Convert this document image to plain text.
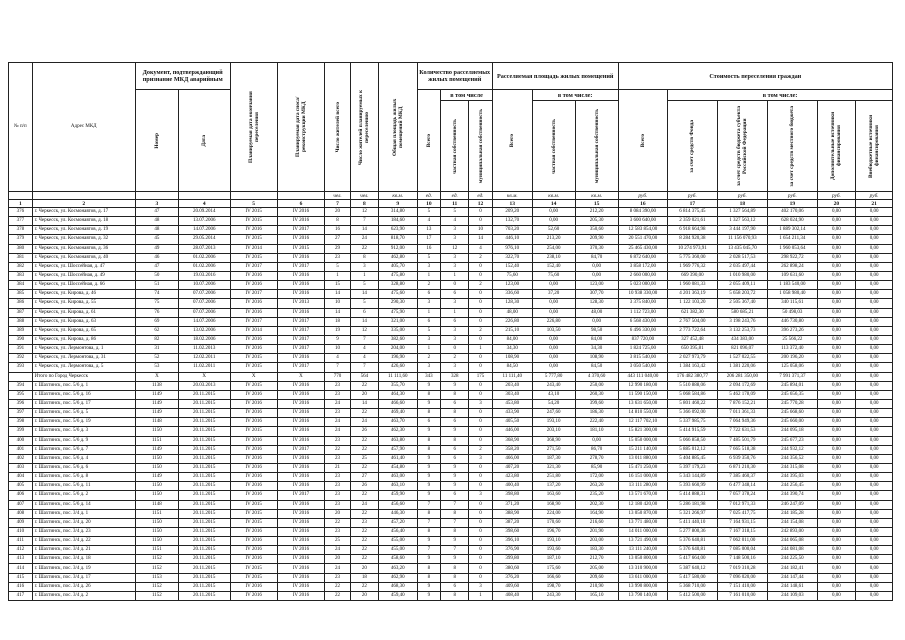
№ п/п	Адрес МКД	Документ, подтверждающий признание МКД аварийным		Планируемая дата окончания переселения	Планируемая дата сноса/реконструкции МКД	Число жителей всего	Число жителей планируемых к переселению	Общая площадь жилых помещений МКД	Количество расселяемых жилых помещений			Расселяемая площадь жилых помещений			Стоимость переселения граждан					

		Номер	Дата						Всего	в том числе		Всего	в том числе:		Всего	в том числе:				

										частная собственность	муниципальная собственность		частная собственность	муниципальная собственность		за счет средств Фонда	за счет средств бюджета субъекта Российской Федерации	за счет средств местного бюджета	Дополнительные источники финансирования	Внебюджетные источники финансирования

						чел.	чел.	кв.м.	ед.	ед.	ед.	кв.м.	кв.м.	кв.м.	руб.	руб.	руб.	руб.	руб.	руб.
1	2	3	4	5	6	7	8	9	10	11	12	13	14	15	16	17	18	19	20	21
376	г. Черкесск, ул. Космонавтов, д. 17	47	20.09.2014	IV 2015	IV 2016	20	12	314,80	5	5	0	209,20	0,00	212,20	8 084 390,00	6 814 375,45	1 327 564,89	402 170,06	0,00	0,00
377	г. Черкесск, ул. Космонавтов, д. 18	48	13.07.2006	IV 2015	IV 2016	8	7	184,60	4	4	0	132,70	0,00	205,30	3 600 640,00	2 359 021,61	1 327 563,12	628 024,90	0,00	0,00
378	г. Черкесск, ул. Космонавтов, д. 19	48	14.07.2006	IV 2016	IV 2017	16	14	623,90	13	3	10	703,20	52,60	350,60	12 583 854,00	6 918 664,98	3 444 197,90	1 889 302,14	0,00	0,00
379	г. Черкесск, ул. Космонавтов, д. 32	45	29.05.2014	IV 2015	IV 2016	27	24	818,70	17	3	14	446,10	213,20	209,90	20 551 470,00	8 284 920,38	11 156 070,93	1 654 211,34	0,00	0,00
380	г. Черкесск, ул. Космонавтов, д. 36	49	28.07.2013	IV 2014	IV 2015	29	22	912,00	16	12	4	976,10	254,00	370,30	25 465 430,00	10 274 973,91	13 435 045,70	1 960 053,64	0,00	0,00
381	г. Черкесск, ул. Космонавтов, д. 40	46	01.02.2006	IV 2015	IV 2016	23	8	462,80	5	3	2	322,70	238,10	84,70	6 872 640,00	5 775 360,00	2 028 517,53	298 922,72	0,00	0,00
382	г. Черкесск, ул. Шоссейная, д. 47	47	01.02.2006	IV 2017	IV 2017	5	3	405,70	3	3	0	152,40	152,40	0,00	3 858 172,00	1 969 776,32	2 035 497,44	262 898,24	0,00	0,00
383	г. Черкесск, ул. Шоссейная, д. 49	50	19.03.2016	IV 2016	IV 2016	1	1	475,80	1	1	0	75,60	75,60	0,00	2 660 000,00	669 390,00	1 010 980,00	109 631,60	0,00	0,00
384	г. Черкесск, ул. Шоссейная, д. 66	51	10.07.2006	IV 2016	IV 2016	15	5	328,80	2	0	2	123,00	0,00	123,00	5 023 000,00	1 960 081,33	2 055 409,11	1 183 540,00	0,00	0,00
385	г. Черкесск, ул. Кирова, д. 46	74	07.07.2006	IV 2017	IV 2016	14	14	475,60	6	6	0	336,60	37,20	307,70	10 938 330,00	4 201 363,19	5 658 203,72	1 058 980,40	0,00	0,00
386	г. Черкесск, ул. Кирова, д. 55	75	07.07.2006	IV 2016	IV 2013	10	5	290,30	3	3	0	128,30	0,00	128,30	3 375 840,00	1 122 103,20	2 505 367,40	340 115,61	0,00	0,00
387	г. Черкесск, ул. Кирова, д. 61	76	07.07.2006	IV 2016	IV 2016	14	6	475,90	1	1	0	48,00	0,00	48,00	1 112 723,00	621 382,30	580 685,21	50 498,03	0,00	0,00
388	г. Черкесск, ул. Кирова, д. 63	69	14.07.2006	IV 2017	IV 2017	18	14	321,00	6	6	0	226,80	226,80	0,00	6 568 430,00	2 767 504,00	3 198 243,76	446 730,80	0,00	0,00
389	г. Черкесск, ул. Кирова, д. 65	62	13.02.2006	IV 2014	IV 2017	19	12	335,00	5	3	2	215,10	103,50	98,50	6 496 330,00	2 773 722,64	3 132 253,73	396 273,26	0,00	0,00
390	г. Черкесск, ул. Кирова, д. 86	82	18.02.2006	IV 2016	IV 2017	9	7	382,60	3	3	0	84,00	0,00	84,00	837 720,00	327 452,48	434 383,00	25 566,22	0,00	0,00
391	г. Черкесск, ул. Лермонтова, д. 1	31	11.02.2013	IV 2016	IV 2017	10	4	204,00	1	0	1	34,30	0,00	34,30	1 824 725,00	650 395,81	821 096,07	113 372,40	0,00	0,00
392	г. Черкесск, ул. Лермонтова, д. 31	52	12.02.2011	IV 2015	IV 2016	4	4	196,90	2	2	0	108,90	0,00	108,90	3 815 540,00	2 027 973,79	1 527 022,55	200 196,20	0,00	0,00
393	г. Черкесск, ул. Лермонтова, д. 5	53	11.02.2011	IV 2015	IV 2017	7	7	426,60	3	3	0	84,50	0,00	84,50	3 050 540,00	1 384 163,42	1 381 220,06	125 058,06	0,00	0,00
	Итого по Город Черкесск	X	X	X	X	770	564	11 111,60	343	328	175	11 111,40	5 777,80	4 370,60	443 111 040,00	176 482 380,77	206 281 350,00	7 991 371,37	0,00	0,00
394	г. Шахтинск, пос. 5/6 д. 1	1138	20.03.2013	IV 2015	IV 2016	23	22	355,70	9	9	0	203,40	243,40	250,00	12 990 180,00	5 510 888,06	2 094 172,69	245 894,01	0,00	0,00
395	г. Шахтинск, пос. 5/6 д. 16	1149	20.11.2015	IV 2016	IV 2016	23	20	464,30	8	8	0	303,40	43,10	260,30	11 590 150,00	5 068 584,86	5 462 178,09	245 656,35	0,00	0,00
396	г. Шахтинск, пос. 5/6 д. 17	1149	20.11.2015	IV 2016	IV 2016	24	14	466,60	9	6	3	453,80	54,20	399,60	13 631 650,00	5 801 460,22	7 876 152,21	245 770,28	0,00	0,00
397	г. Шахтинск, пос. 5/6 д. 5	1149	20.11.2015	IV 2016	IV 2016	23	22	469,40	8	8	0	433,90	247,60	186,30	14 810 550,00	5 366 092,00	7 011 361,33	245 668,60	0,00	0,00
398	г. Шахтинск, пос. 5/6 д. 19	1148	20.11.2015	IV 2016	IV 2016	24	24	463,70	6	6	0	405,50	193,10	222,40	12 117 702,10	5 337 985,75	7 064 949,36	245 660,00	0,00	0,00
399	г. Шахтинск, пос. 5/6 д. 3	1150	20.11.2015	IV 2015	IV 2016	24	26	462,30	9	9	0	446,00	203,10	181,10	15 821 300,00	5 414 915,59	7 722 631,53	244 095,18	0,00	0,00
400	г. Шахтинск, пос. 5/6 д. 9	1151	20.11.2015	IV 2016	IV 2016	23	22	463,80	8	8	0	368,90	368,90	0,00	15 050 000,00	5 066 858,50	7 485 501,79	245 677,23	0,00	0,00
401	г. Шахтинск, пос. 5/6 д. 7	1149	20.11.2015	IV 2016	IV 2017	22	22	457,90	8	6	2	358,20	271,50	86,70	15 211 140,00	5 885 012,12	7 665 518,38	244 932,12	0,00	0,00
402	г. Шахтинск, пос. 5/6 д. 4	1150	20.11.2015	IV 2016	IV 2016	23	25	461,40	9	6	3	466,00	187,30	278,70	13 011 880,00	5 404 885,45	6 939 350,76	244 356,52	0,00	0,00
403	г. Шахтинск, пос. 5/6 д. 6	1150	20.11.2015	IV 2016	IV 2016	21	22	454,80	9	9	0	407,20	321,30	85,90	15 471 250,00	5 397 179,23	6 871 210,30	244 315,08	0,00	0,00
404	г. Шахтинск, пос. 5/6 д. 8	1149	20.11.2015	IV 2016	IV 2016	23	27	463,00	9	9	0	423,80	251,80	172,00	16 151 000,00	5 343 144,89	7 385 460,37	244 395,03	0,00	0,00
405	г. Шахтинск, пос. 5/6 д. 11	1150	20.11.2015	IV 2016	IV 2016	23	26	463,10	9	9	0	400,40	137,20	263,20	13 111 280,00	5 393 660,99	6 477 348,14	244 256,45	0,00	0,00
406	г. Шахтинск, пос. 5/6 д. 2	1150	20.11.2015	IV 2016	IV 2017	23	22	459,90	9	6	3	398,80	163,60	235,20	13 571 670,00	5 414 888,31	7 057 378,24	244 390,74	0,00	0,00
407	г. Шахтинск, пос. 5/6 д. 14	1148	20.11.2015	IV 2015	IV 2016	23	24	456,60	7	7	0	371,20	168,90	202,30	12 180 420,00	5 286 181,98	7 012 971,33	246 247,09	0,00	0,00
408	г. Шахтинск, пос. 3/4 д. 1	1151	20.11.2015	IV 2015	IV 2016	20	22	446,30	8	8	0	388,90	224,00	164,90	13 050 870,00	5 321 266,97	7 025 417,75	244 185,28	0,00	0,00
409	г. Шахтинск, пос. 3/4 д. 20	1150	20.11.2015	IV 2015	IV 2016	22	23	457,20	7	7	0	387,20	170,60	216,60	13 771 480,00	5 411 440,10	7 164 931,15	244 154,08	0,00	0,00
410	г. Шахтинск, пос. 3/4 д. 23	1150	20.11.2015	IV 2016	IV 2016	23	22	456,40	8	8	0	398,60	196,70	201,90	14 011 000,00	5 277 800,36	7 167 318,15	242 893,00	0,00	0,00
411	г. Шахтинск, пос. 3/4 д. 22	1150	20.11.2015	IV 2016	IV 2016	25	22	455,00	9	9	0	396,10	193,10	203,00	13 721 490,00	5 376 640,81	7 062 011,00	244 065,08	0,00	0,00
412	г. Шахтинск, пос. 3/4 д. 21	1151	20.11.2015	IV 2016	IV 2016	24	22	455,00	7	7	0	376,90	193,60	183,30	13 111 240,00	5 376 640,81	7 085 000,04	244 081,08	0,00	0,00
413	г. Шахтинск, пос. 3/4 д. 18	1152	20.11.2015	IV 2016	IV 2016	20	22	458,60	9	9	0	399,80	187,10	212,70	13 050 800,00	5 417 664,00	7 148 500,16	244 225,50	0,00	0,00
414	г. Шахтинск, пос. 3/4 д. 19	1152	20.11.2015	IV 2015	IV 2016	24	20	463,20	8	8	0	380,60	175,60	205,00	13 310 900,00	5 387 640,12	7 019 310,28	244 182,41	0,00	0,00
415	г. Шахтинск, пос. 3/4 д. 17	1153	20.11.2015	IV 2015	IV 2016	23	18	462,90	8	8	0	376,20	166,60	209,60	13 611 000,00	5 417 580,00	7 096 020,00	244 147,44	0,00	0,00
416	г. Шахтинск, пос. 3/4 д. 26	1152	20.11.2015	IV 2016	IV 2016	22	22	468,30	9	6	3	409,60	198,70	210,90	13 990 800,00	5 368 710,00	7 151 410,00	244 148,61	0,00	0,00
417	г. Шахтинск, пос. 3/4 д. 2	1152	20.11.2015	IV 2016	IV 2016	22	20	459,40	9	8	1	408,40	243,30	165,10	13 790 140,00	5 412 500,00	7 161 010,00	244 109,03	0,00	0,00
